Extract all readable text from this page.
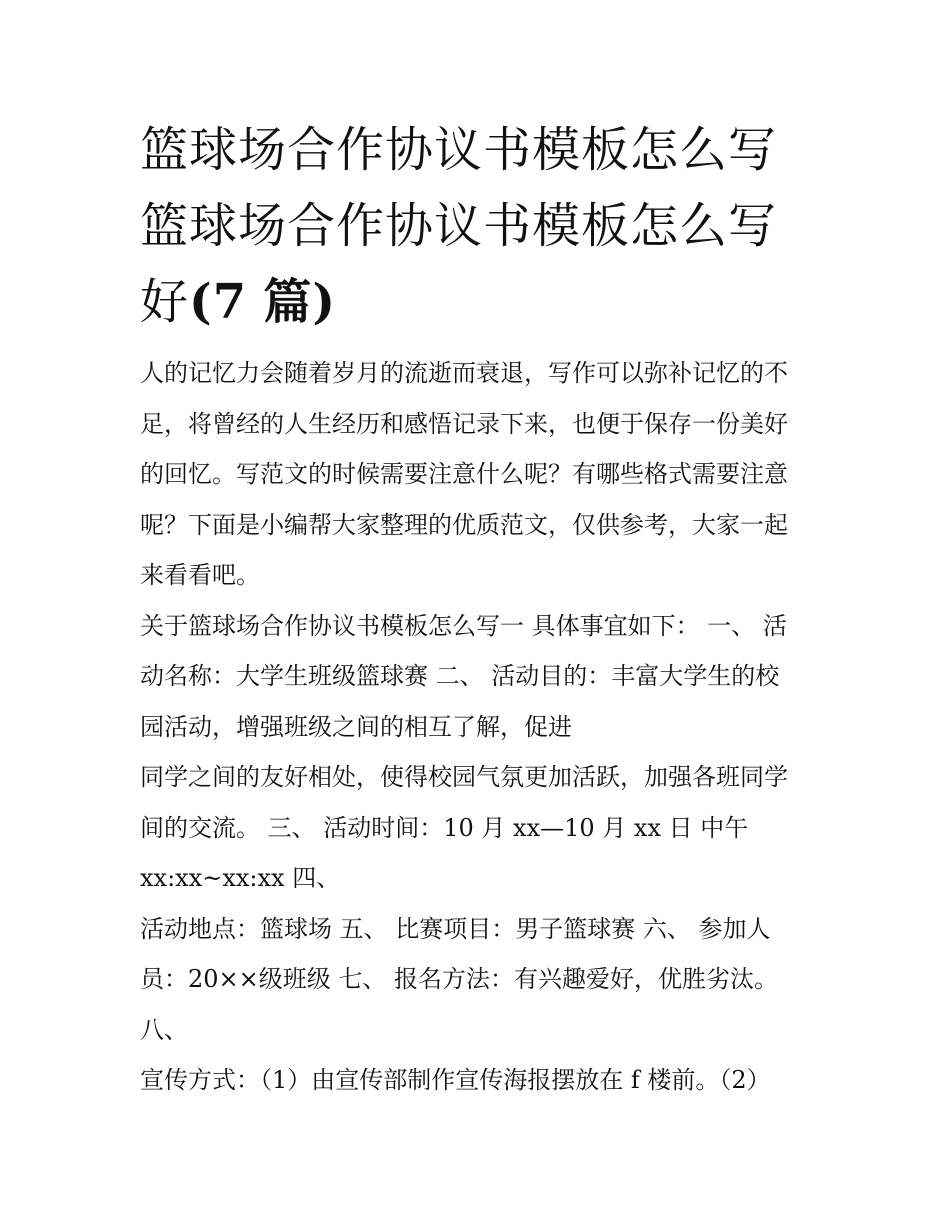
篮球场合作协议书模板怎么写
篮球场合作协议书模板怎么写
好(7 篇)

人的记忆力会随着岁月的流逝而衰退，写作可以弥补记忆的不
足，将曾经的人生经历和感悟记录下来，也便于保存一份美好
的回忆。写范文的时候需要注意什么呢？有哪些格式需要注意
呢？下面是小编帮大家整理的优质范文，仅供参考，大家一起
来看看吧。

关于篮球场合作协议书模板怎么写一 具体事宜如下： 一、 活
动名称：大学生班级篮球赛 二、 活动目的：丰富大学生的校
园活动，增强班级之间的相互了解，促进
同学之间的友好相处，使得校园气氛更加活跃，加强各班同学
间的交流。 三、 活动时间：10 月 xx—10 月 xx 日 中午
xx:xx~xx:xx 四、
活动地点：篮球场 五、 比赛项目：男子篮球赛 六、 参加人
员：20××级班级 七、 报名方法：有兴趣爱好，优胜劣汰。
八、
宣传方式：（1）由宣传部制作宣传海报摆放在 f 楼前。（2）
